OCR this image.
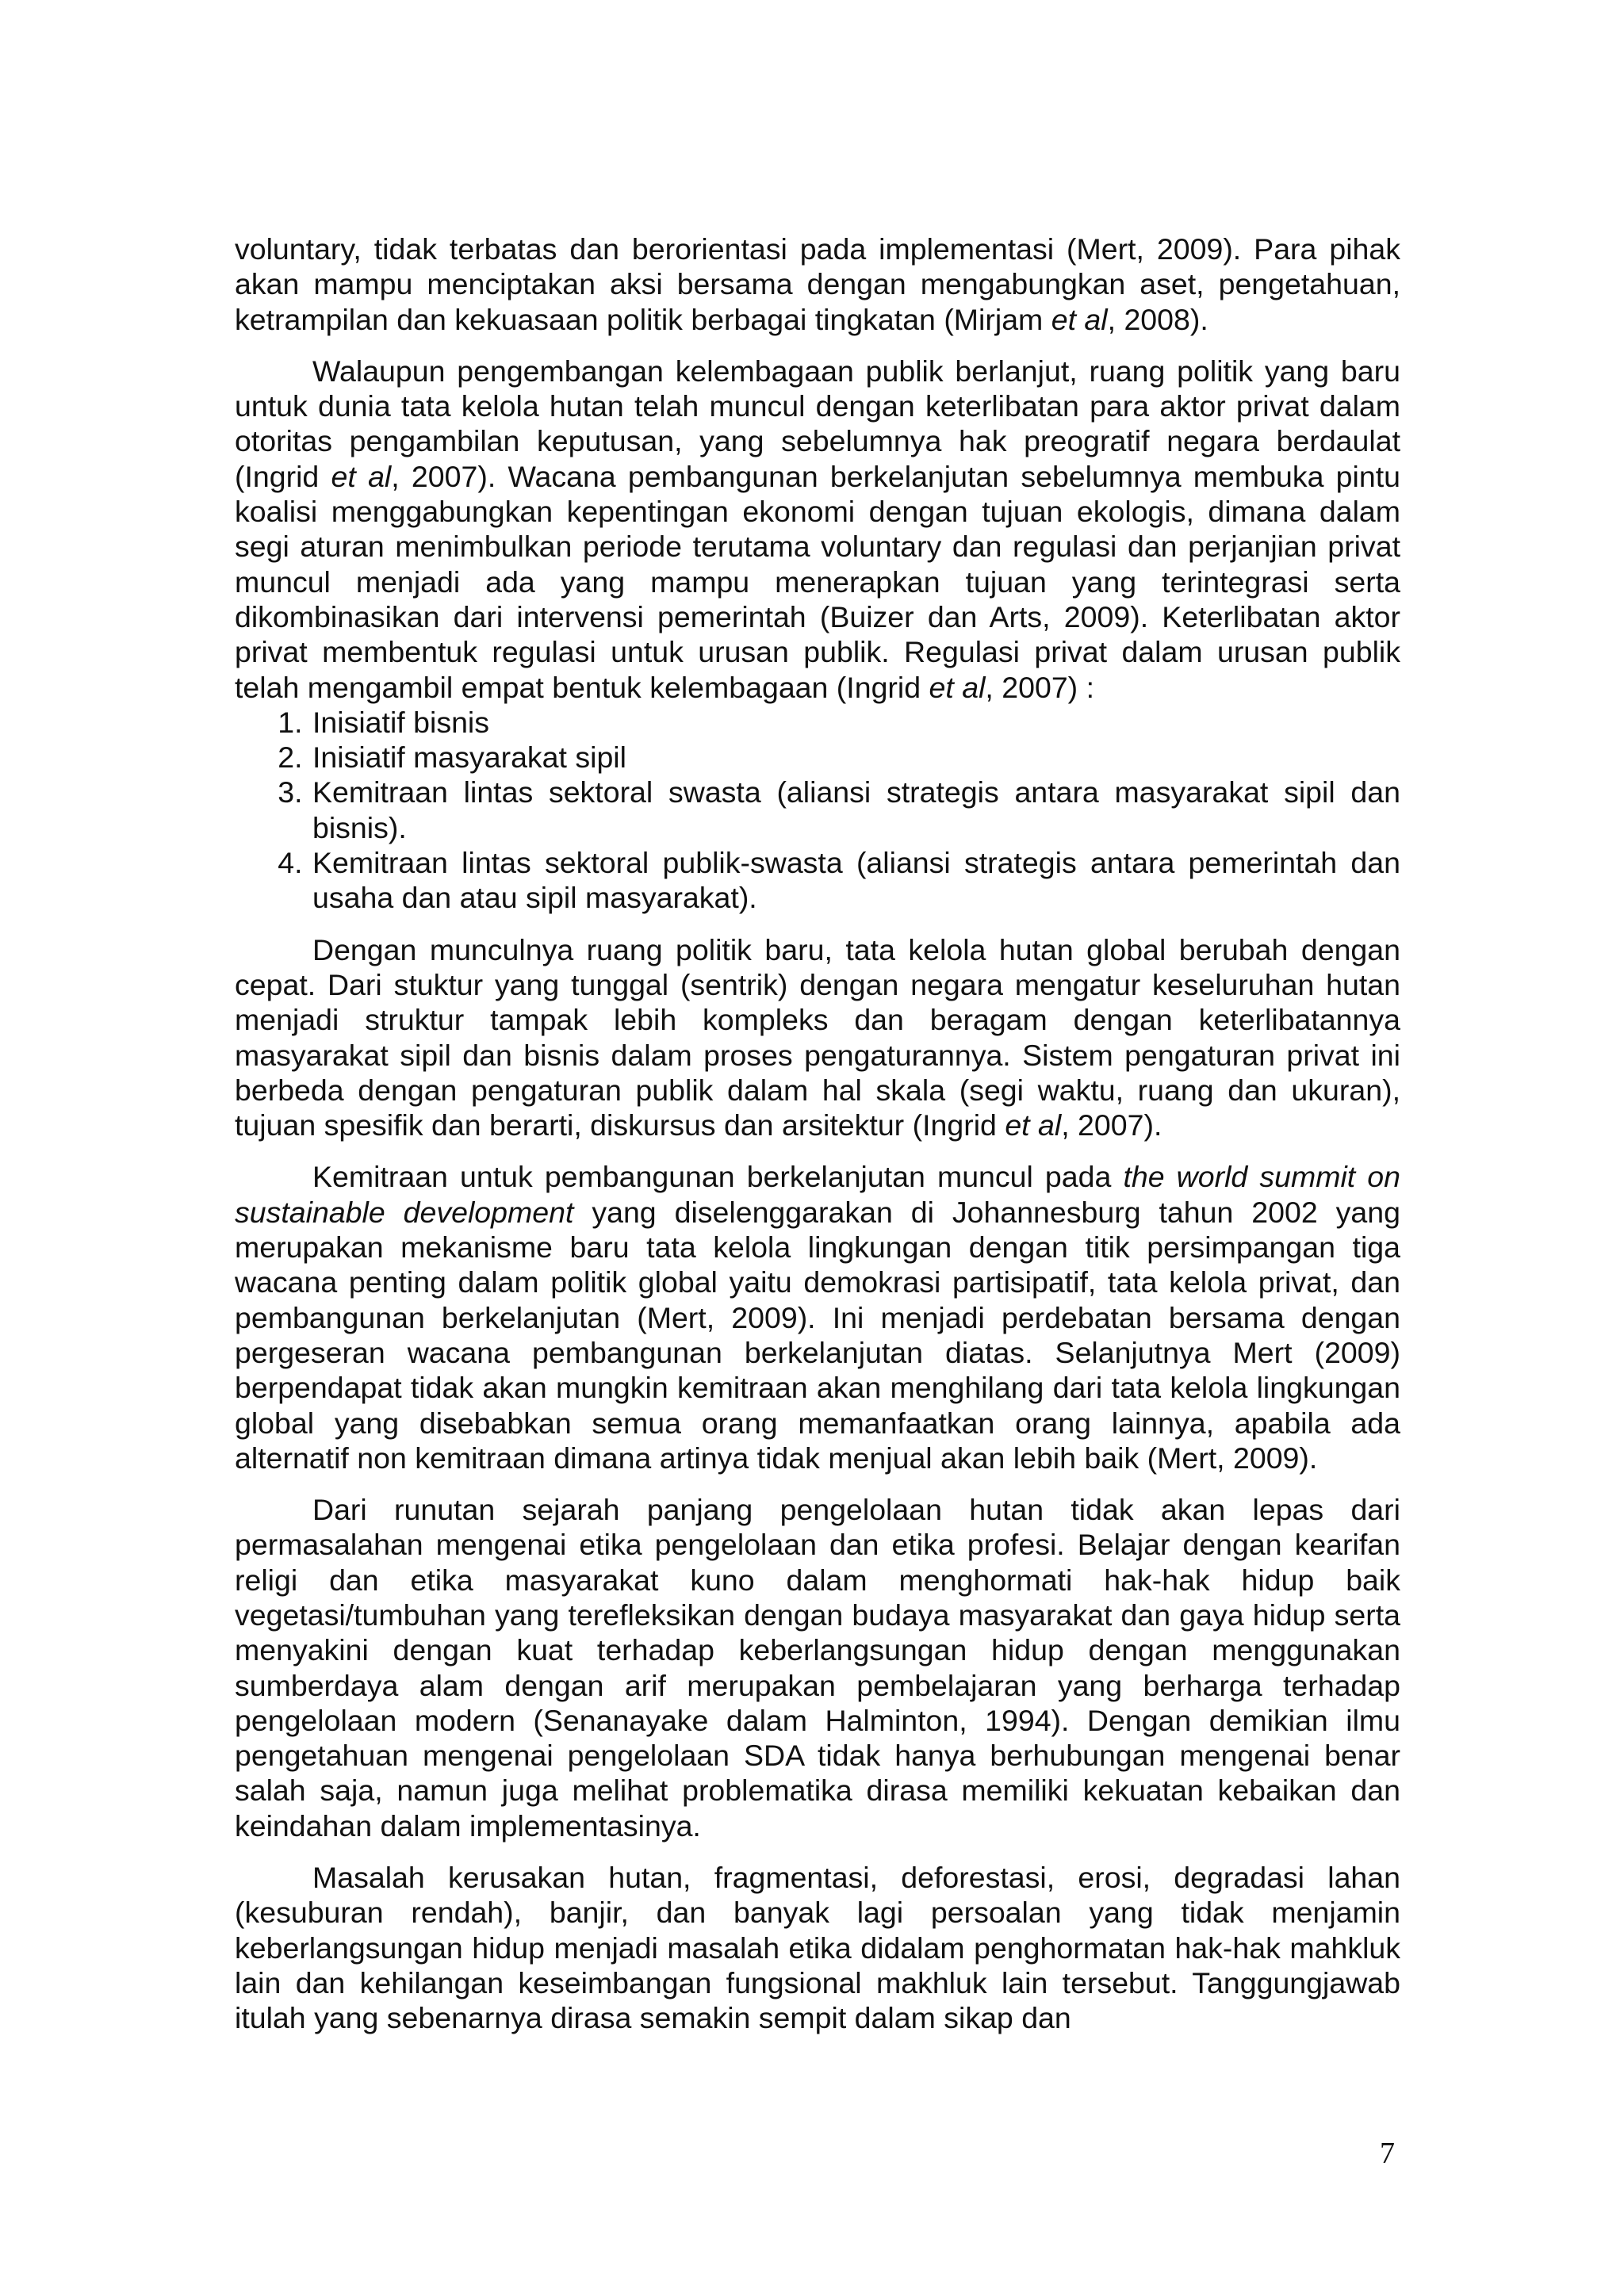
voluntary, tidak terbatas dan berorientasi pada implementasi (Mert, 2009). Para pihak akan mampu menciptakan aksi bersama dengan mengabungkan aset, pengetahuan, ketrampilan dan kekuasaan politik berbagai tingkatan (Mirjam et al, 2008).

Walaupun pengembangan kelembagaan publik berlanjut, ruang politik yang baru untuk dunia tata kelola hutan telah muncul dengan keterlibatan para aktor privat dalam otoritas pengambilan keputusan, yang sebelumnya hak preogratif negara berdaulat (Ingrid et al, 2007). Wacana pembangunan berkelanjutan sebelumnya membuka pintu koalisi menggabungkan kepentingan ekonomi dengan tujuan ekologis, dimana dalam segi aturan menimbulkan periode terutama voluntary dan regulasi dan perjanjian privat muncul menjadi ada yang mampu menerapkan tujuan yang terintegrasi serta dikombinasikan dari intervensi pemerintah (Buizer dan Arts, 2009). Keterlibatan aktor privat membentuk regulasi untuk urusan publik. Regulasi privat dalam urusan publik telah mengambil empat bentuk kelembagaan (Ingrid et al, 2007) :

1. Inisiatif bisnis
2. Inisiatif masyarakat sipil
3. Kemitraan lintas sektoral swasta (aliansi strategis antara masyarakat sipil dan bisnis).
4. Kemitraan lintas sektoral publik-swasta (aliansi strategis antara pemerintah dan usaha dan atau sipil masyarakat).

Dengan munculnya ruang politik baru, tata kelola hutan global berubah dengan cepat. Dari stuktur yang tunggal (sentrik) dengan negara mengatur keseluruhan hutan menjadi struktur tampak lebih kompleks dan beragam dengan keterlibatannya masyarakat sipil dan bisnis dalam proses pengaturannya. Sistem pengaturan privat ini berbeda dengan pengaturan publik dalam hal skala (segi waktu, ruang dan ukuran), tujuan spesifik dan berarti, diskursus dan arsitektur (Ingrid et al, 2007).

Kemitraan untuk pembangunan berkelanjutan muncul pada the world summit on sustainable development yang diselenggarakan di Johannesburg tahun 2002 yang merupakan mekanisme baru tata kelola lingkungan dengan titik persimpangan tiga wacana penting dalam politik global yaitu demokrasi partisipatif, tata kelola privat, dan pembangunan berkelanjutan (Mert, 2009). Ini menjadi perdebatan bersama dengan pergeseran wacana pembangunan berkelanjutan diatas. Selanjutnya Mert (2009) berpendapat tidak akan mungkin kemitraan akan menghilang dari tata kelola lingkungan global yang disebabkan semua orang memanfaatkan orang lainnya, apabila ada alternatif non kemitraan dimana artinya tidak menjual akan lebih baik (Mert, 2009).

Dari runutan sejarah panjang pengelolaan hutan tidak akan lepas dari permasalahan mengenai etika pengelolaan dan etika profesi. Belajar dengan kearifan religi dan etika masyarakat kuno dalam menghormati hak-hak hidup baik vegetasi/tumbuhan yang terefleksikan dengan budaya masyarakat dan gaya hidup serta menyakini dengan kuat terhadap keberlangsungan hidup dengan menggunakan sumberdaya alam dengan arif merupakan pembelajaran yang berharga terhadap pengelolaan modern (Senanayake dalam Halminton, 1994). Dengan demikian ilmu pengetahuan mengenai pengelolaan SDA tidak hanya berhubungan mengenai benar salah saja, namun juga melihat problematika dirasa memiliki kekuatan kebaikan dan keindahan dalam implementasinya.

Masalah kerusakan hutan, fragmentasi, deforestasi, erosi, degradasi lahan (kesuburan rendah), banjir, dan banyak lagi persoalan yang tidak menjamin keberlangsungan hidup menjadi masalah etika didalam penghormatan hak-hak mahkluk lain dan kehilangan keseimbangan fungsional makhluk lain tersebut. Tanggungjawab itulah yang sebenarnya dirasa semakin sempit dalam sikap dan

7
